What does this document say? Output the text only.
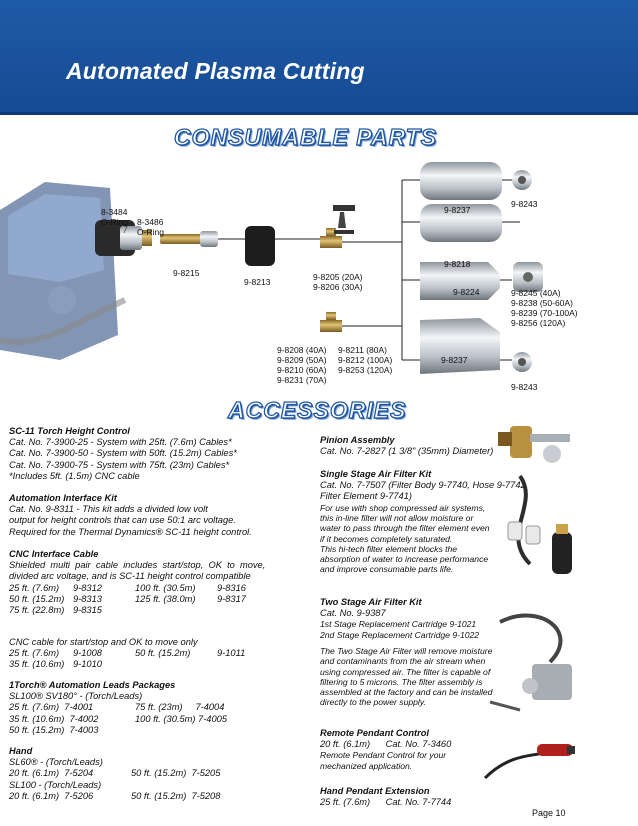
Automated Plasma Cutting
CONSUMABLE PARTS
8-3484
O-Ring 8-3486
O-Ring
9-8215
9-8213	9-8205 (20A)
9-8206 (30A)
9-8208 (40A)
9-8209 (50A)
9-8210 (60A)
9-8231 (70A)
9-8211 (80A)
9-8212 (100A)
9-8253 (120A)
9-8237
9-8243
9-8218
9-8224	9-8245 (40A)
9-8238 (50-60A)
9-8239 (70-100A)
9-8256 (120A)
9-8237
9-8243
ACCESSORIES
SC-11 Torch Height Control
Cat. No. 7-3900-25 - System with 25ft. (7.6m) Cables*
Cat. No. 7-3900-50 - System with 50ft. (15.2m) Cables*
Cat. No. 7-3900-75 - System with 75ft. (23m) Cables*
*Includes 5ft. (1.5m) CNC cable
Automation Interface Kit
Cat. No. 9-8311 - This kit adds a divided low volt
output for height controls that can use 50:1 arc voltage.
Required for the Thermal Dynamics® SC-11 height control.
CNC Interface Cable
Shielded  multi  pair  cable  includes  start/stop,  OK  to  move,
divided arc voltage, and is SC-11 height control compatible
25 ft. (7.6m)	9-8312	100 ft. (30.5m)	9-8316
50 ft. (15.2m) 9-8313	125 ft. (38.0m)	9-8317
75 ft. (22.8m) 9-8315
CNC cable for start/stop and OK to move only
25 ft. (7.6m)	9-1008	50 ft. (15.2m)	9-1011
35 ft. (10.6m) 9-1010
1Torch® Automation Leads Packages
SL100® SV180° - (Torch/Leads)
25 ft. (7.6m)  7-4001	75 ft. (23m)     7-4004
35 ft. (10.6m)  7-4002	100 ft. (30.5m) 7-4005
50 ft. (15.2m)  7-4003
Hand
SL60® - (Torch/Leads)
20 ft. (6.1m)  7-5204	50 ft. (15.2m)  7-5205
SL100 - (Torch/Leads)
20 ft. (6.1m)  7-5206	50 ft. (15.2m)  7-5208
Pinion Assembly
Cat. No. 7-2827 (1 3/8" (35mm) Diameter)
Single Stage Air Filter Kit
Cat. No. 7-7507 (Filter Body 9-7740, Hose 9-7742,
Filter Element 9-7741)
For use with shop compressed air systems,
this in-line filter will not allow moisture or
water to pass through the filter element even
if it becomes completely saturated.
This hi-tech filter element blocks the
absorption of water to increase performance
and improve consumable parts life.
Two Stage Air Filter Kit
Cat. No. 9-9387
1st Stage Replacement Cartridge 9-1021
2nd Stage Replacement Cartridge 9-1022
The Two Stage Air Filter will remove moisture
and contaminants from the air stream when
using compressed air. The filter is capable of
filtering to 5 microns. The filter assembly is
assembled at the factory and can be installed
directly to the power supply.
Remote Pendant Control
20 ft. (6.1m)      Cat. No. 7-3460
Remote Pendant Control for your
mechanized application.
Hand Pendant Extension
25 ft. (7.6m)      Cat. No. 7-7744
Page 10
